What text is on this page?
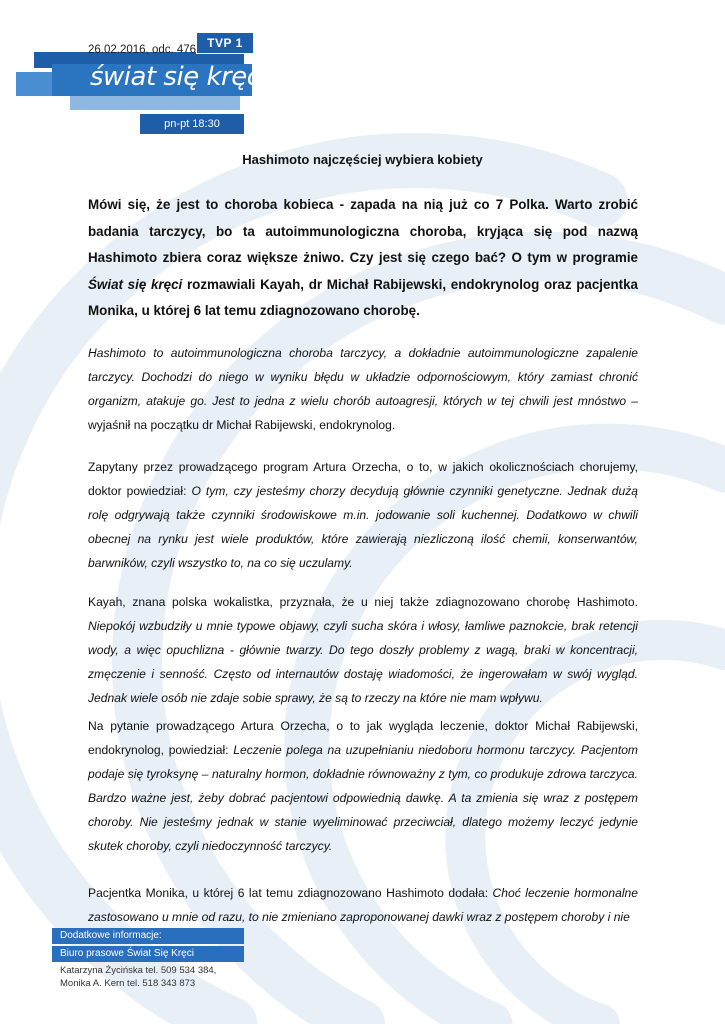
TVP 1
świat się kręci
pn-pt 18:30
26.02.2016, odc. 476
Hashimoto najczęściej wybiera kobiety
Mówi się, że jest to choroba kobieca - zapada na nią już co 7 Polka. Warto zrobić badania tarczycy, bo ta autoimmunologiczna choroba, kryjąca się pod nazwą Hashimoto zbiera coraz większe żniwo. Czy jest się czego bać? O tym w programie Świat się kręci rozmawiali Kayah, dr Michał Rabijewski, endokrynolog oraz pacjentka Monika, u której 6 lat temu zdiagnozowano chorobę.

Hashimoto to autoimmunologiczna choroba tarczycy, a dokładnie autoimmunologiczne zapalenie tarczycy. Dochodzi do niego w wyniku błędu w układzie odpornościowym, który zamiast chronić organizm, atakuje go. Jest to jedna z wielu chorób autoagresji, których w tej chwili jest mnóstwo – wyjaśnił na początku dr Michał Rabijewski, endokrynolog.

Zapytany przez prowadzącego program Artura Orzecha, o to, w jakich okolicznościach chorujemy, doktor powiedział: O tym, czy jesteśmy chorzy decydują głównie czynniki genetyczne. Jednak dużą rolę odgrywają także czynniki środowiskowe m.in. jodowanie soli kuchennej. Dodatkowo w chwili obecnej na rynku jest wiele produktów, które zawierają niezliczoną ilość chemii, konserwantów, barwników, czyli wszystko to, na co się uczulamy.

Kayah, znana polska wokalistka, przyznała, że u niej także zdiagnozowano chorobę Hashimoto. Niepokój wzbudziły u mnie typowe objawy, czyli sucha skóra i włosy, łamliwe paznokcie, brak retencji wody, a więc opuchlizna - głównie twarzy. Do tego doszły problemy z wagą, braki w koncentracji, zmęczenie i senność. Często od internautów dostaję wiadomości, że ingerowałam w swój wygląd. Jednak wiele osób nie zdaje sobie sprawy, że są to rzeczy na które nie mam wpływu.

Na pytanie prowadzącego Artura Orzecha, o to jak wygląda leczenie, doktor Michał Rabijewski, endokrynolog, powiedział: Leczenie polega na uzupełnianiu niedoboru hormonu tarczycy. Pacjentom podaje się tyroksynę – naturalny hormon, dokładnie równoważny z tym, co produkuje zdrowa tarczyca. Bardzo ważne jest, żeby dobrać pacjentowi odpowiednią dawkę. A ta zmienia się wraz z postępem choroby. Nie jesteśmy jednak w stanie wyeliminować przeciwciał, dlatego możemy leczyć jedynie skutek choroby, czyli niedoczynność tarczycy.

Pacjentka Monika, u której 6 lat temu zdiagnozowano Hashimoto dodała: Choć leczenie hormonalne zastosowano u mnie od razu, to nie zmieniano zaproponowanej dawki wraz z postępem choroby i nie

Dodatkowe informacje:
Biuro prasowe Świat Się Kręci
Katarzyna Życińska tel. 509 534 384,
Monika A. Kern tel. 518 343 873
